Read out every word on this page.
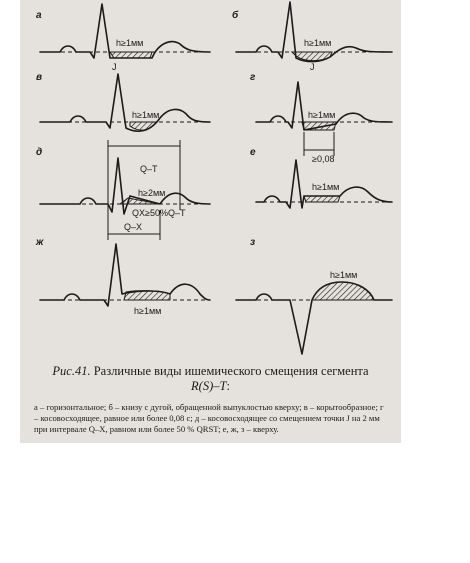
а
h≥1мм
J
б
h≥1мм
J
в
h≥1мм
г
h≥1мм
≥0,08
д
Q–T
h≥2мм
QX≥50%Q–T
Q–X
е
h≥1мм
ж
h≥1мм
з
h≥1мм
Рис.41. Различные виды ишемического смещения сегмента
R(S)–T:
а – горизонтальное; б – книзу с дугой, обращенной выпуклостью кверху; в – корытообразное; г – косовосходящее, равное или более 0,08 с; д – косовосходящее со смещением точки J на 2 мм при интервале Q–X, равном или более 50 % QRST; е, ж, з – кверху.
